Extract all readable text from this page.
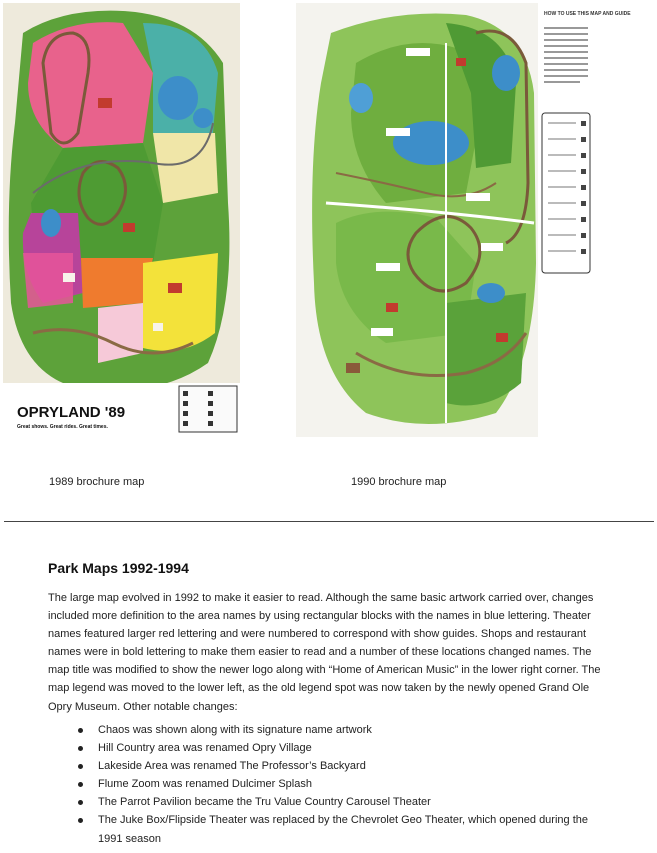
OPRYLAND '89
Great shows. Great rides. Great times.
HOW TO USE THIS MAP AND GUIDE
1989 brochure map	1990 brochure map
Park Maps 1992-1994

The large map evolved in 1992 to make it easier to read. Although the same basic artwork carried over, changes included more definition to the area names by using rectangular blocks with the names in blue lettering. Theater names featured larger red lettering and were numbered to correspond with show guides. Shops and restaurant names were in bold lettering to make them easier to read and a number of these locations changed names. The map title was modified to show the newer logo along with “Home of American Music” in the lower right corner. The map legend was moved to the lower left, as the old legend spot was now taken by the newly opened Grand Ole Opry Museum. Other notable changes:

Chaos was shown along with its signature name artwork
Hill Country area was renamed Opry Village
Lakeside Area was renamed The Professor’s Backyard
Flume Zoom was renamed Dulcimer Splash
The Parrot Pavilion became the Tru Value Country Carousel Theater
The Juke Box/Flipside Theater was replaced by the Chevrolet Geo Theater, which opened during the 1991 season
